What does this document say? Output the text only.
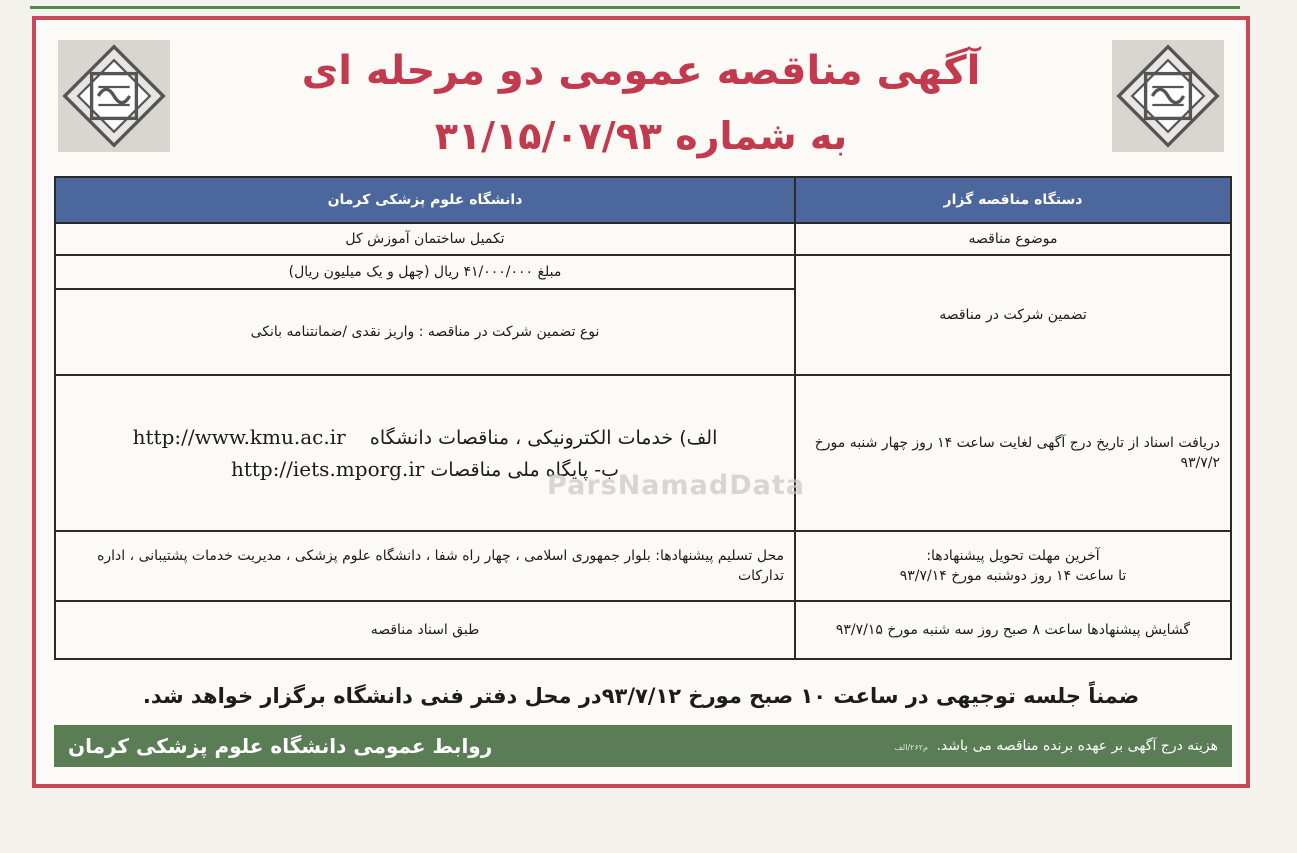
آگهی مناقصه عمومی دو مرحله ای
به شماره ۳۱/۱۵/۰۷/۹۳
دستگاه مناقصه گزار	دانشگاه علوم پزشکی کرمان
موضوع مناقصه	تکمیل ساختمان آموزش کل
تضمین شرکت در مناقصه	مبلغ ۴۱/۰۰۰/۰۰۰ ریال (چهل و یک میلیون ریال)
	نوع تضمین شرکت در مناقصه : واریز نقدی /ضمانتنامه بانکی
دریافت اسناد از تاریخ درج آگهی لغایت ساعت ۱۴ روز چهار شنبه مورخ ۹۳/۷/۲	الف) خدمات الکترونیکی ، مناقصات دانشگاه    http://www.kmu.ac.ir
ب- پایگاه ملی مناقصات http://iets.mporg.ir

آخرین مهلت تحویل پیشنهادها:
تا ساعت ۱۴ روز دوشنبه مورخ ۹۳/۷/۱۴	محل تسلیم پیشنهادها: بلوار جمهوری اسلامی ، چهار راه شفا ، دانشگاه علوم پزشکی ، مدیریت خدمات پشتیبانی ، اداره تدارکات
گشایش پیشنهادها ساعت ۸ صبح روز سه شنبه مورخ ۹۳/۷/۱۵	طبق اسناد مناقصه
ParsNamadData
ضمناً جلسه توجیهی در ساعت ۱۰ صبح مورخ ۹۳/۷/۱۲در محل دفتر فنی دانشگاه برگزار خواهد شد.
هزینه درج آگهی بر عهده برنده مناقصه می باشد. م۲۶۲/الف
روابط عمومی دانشگاه علوم پزشکی کرمان
